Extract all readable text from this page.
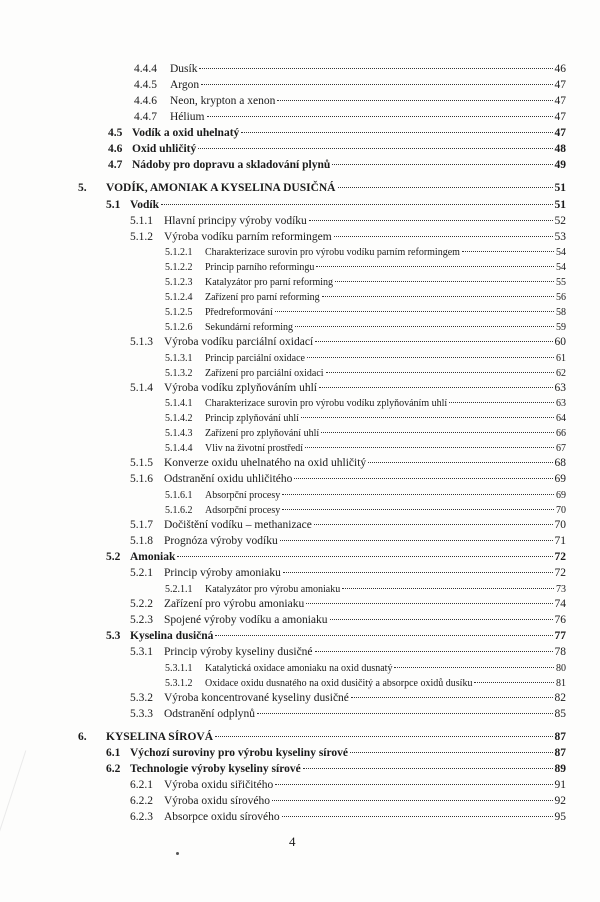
4.4.4	Dusík	46
4.4.5	Argon	47
4.4.6	Neon, krypton a xenon	47
4.4.7	Hélium	47
4.5 Vodík a oxid uhelnatý	47
4.6 Oxid uhličitý	48
4.7 Nádoby pro dopravu a skladování plynů	49
5.	VODÍK, AMONIAK A KYSELINA DUSIČNÁ	51
5.1 Vodík	51
5.1.1 Hlavní principy výroby vodíku	52
5.1.2 Výroba vodíku parním reformingem	53
5.1.2.1	Charakterizace surovin pro výrobu vodíku parním reformingem	54
5.1.2.2	Princip parního reformingu	54
5.1.2.3	Katalyzátor pro parní reforming	55
5.1.2.4	Zařízení pro parní reforming	56
5.1.2.5	Předreformování	58
5.1.2.6	Sekundární reforming	59
5.1.3 Výroba vodíku parciální oxidací	60
5.1.3.1	Princip parciální oxidace	61
5.1.3.2	Zařízení pro parciální oxidaci	62
5.1.4 Výroba vodíku zplyňováním uhlí	63
5.1.4.1	Charakterizace surovin pro výrobu vodíku zplyňováním uhlí	63
5.1.4.2	Princip zplyňování uhlí	64
5.1.4.3	Zařízení pro zplyňování uhlí	66
5.1.4.4	Vliv na životní prostředí	67
5.1.5 Konverze oxidu uhelnatého na oxid uhličitý	68
5.1.6 Odstranění oxidu uhličitého	69
5.1.6.1	Absorpční procesy	69
5.1.6.2	Adsorpční procesy	70
5.1.7 Dočištění vodíku – methanizace	70
5.1.8 Prognóza výroby vodíku	71
5.2 Amoniak	72
5.2.1 Princip výroby amoniaku	72
5.2.1.1	Katalyzátor pro výrobu amoniaku	73
5.2.2 Zařízení pro výrobu amoniaku	74
5.2.3 Spojené výroby vodíku a amoniaku	76
5.3 Kyselina dusičná	77
5.3.1 Princip výroby kyseliny dusičné	78
5.3.1.1	Katalytická oxidace amoniaku na oxid dusnatý	80
5.3.1.2	Oxidace oxidu dusnatého na oxid dusičitý a absorpce oxidů dusíku	81
5.3.2 Výroba koncentrované kyseliny dusičné	82
5.3.3 Odstranění odplynů	85
6.	KYSELINA SÍROVÁ	87
6.1 Výchozí suroviny pro výrobu kyseliny sírové	87
6.2 Technologie výroby kyseliny sírové	89
6.2.1 Výroba oxidu siřičitého	91
6.2.2 Výroba oxidu sírového	92
6.2.3 Absorpce oxidu sírového	95
4
